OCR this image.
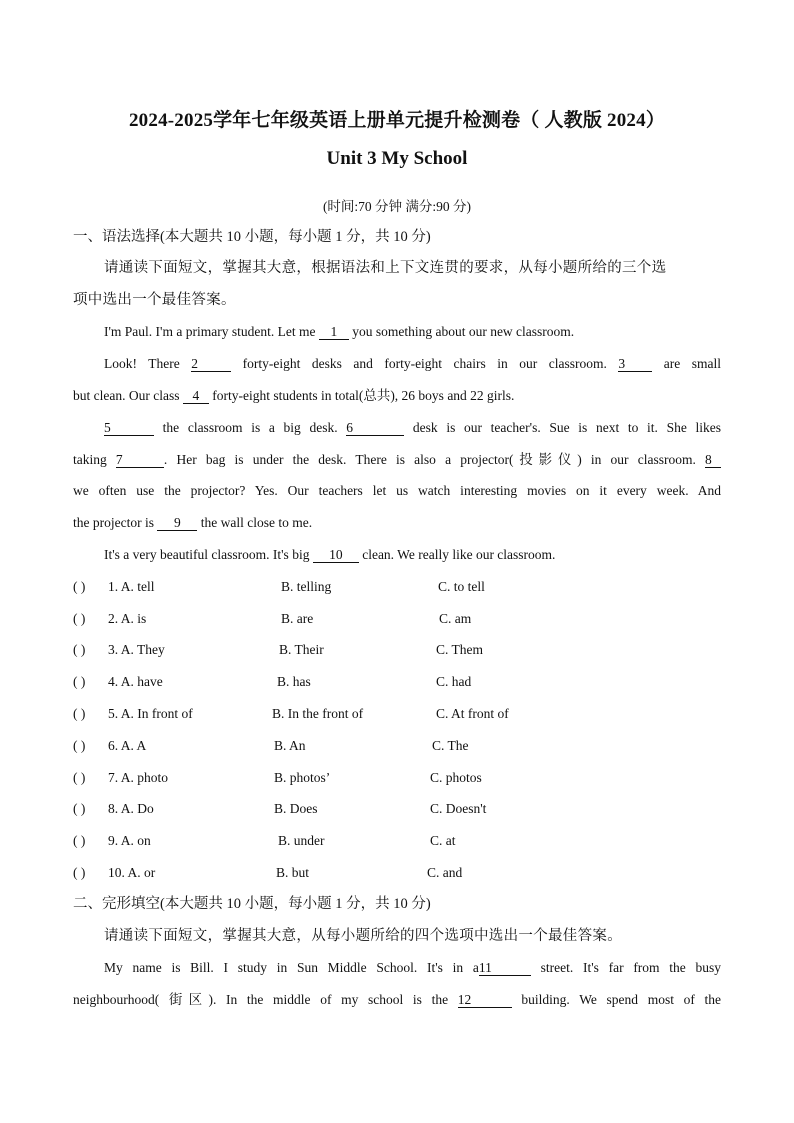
2024-2025学年七年级英语上册单元提升检测卷（ 人教版 2024）
Unit 3 My School
(时间:70 分钟 满分:90 分)
一、语法选择(本大题共 10 小题，每小题 1 分，共 10 分)
请通读下面短文，掌握其大意，根据语法和上下文连贯的要求，从每小题所给的三个选
项中选出一个最佳答案。
I'm Paul. I'm a primary student. Let me 1 you something about our new classroom.
Look! There 2 forty-eight desks and forty-eight chairs in our classroom. 3 are small
but clean. Our class 4 forty-eight students in total(总共), 26 boys and 22 girls.
5	the classroom is a big desk. 6	desk is our teacher's. Sue is next to it. She likes
taking 7	. Her bag is under the desk. There is also a projector(投影仪) in our classroom. 8
we often use the projector? Yes. Our teachers let us watch interesting movies on it every week. And
the projector is 9 the wall close to me.
It's a very beautiful classroom. It's big 10 clean. We really like our classroom.
( ) 1. A. tell	B. telling	C. to tell
( ) 2. A. is	B. are	C. am
( ) 3. A. They	B. Their	C. Them
( ) 4. A. have	B. has	C. had
( ) 5. A. In front of	B. In the front of	C. At front of
( ) 6. A. A	B. An	C. The
( ) 7. A. photo	B. photos’	C. photos
( ) 8. A. Do	B. Does	C. Doesn't
( ) 9. A. on	B. under	C. at
( ) 10. A. or	B. but	C. and
二、完形填空(本大题共 10 小题，每小题 1 分，共 10 分)
请通读下面短文，掌握其大意，从每小题所给的四个选项中选出一个最佳答案。
My name is Bill. I study in Sun Middle School. It's in a11	street. It's far from the busy
neighbourhood( 街区). In the middle of my school is the 12	building. We spend most of the
